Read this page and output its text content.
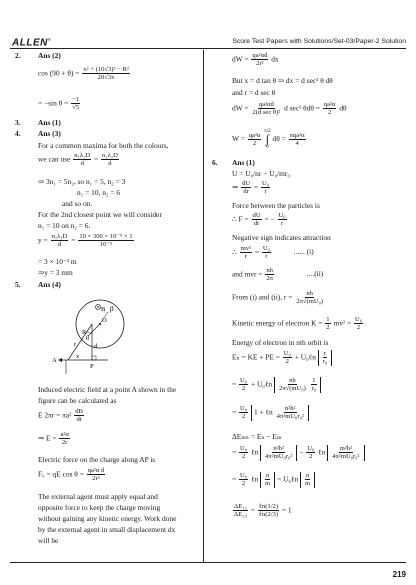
ALLEN®	Score Test Papers with Solutions/Set-03/Paper-2 Solution
2. Ans (2)
$\cos (90 + \theta) = \frac{\text{x² + (10√3)² − R²}}{20√3x}$
= −sin $\theta = \frac{-1}{√5}$
3. Ans (1)
4. Ans (3)
For a common maxima for both the colours,
we can use $\frac{\text{n₁λ₁D}}{d} = \frac{\text{n₂λ₂D}}{d}$
⇒ 3n₁ = 5n₂, so n₁ = 5, n₂ = 3
n₁ = 10, n₂ = 6
and so on.
For the 2nd closest point we will consider
n₁ = 10 on n₂ = 6.
$y = \frac{\text{n₁λ₁D}}{d} = \frac{\text{10 × 300 × 10⁻⁹ × 1}}{\text{10⁻³}}$
= 3 × 10⁻³ m
⇒y = 3 mm
5. Ans (4)
B β
O
R
θ
d
r
A
x
P
Induced electric field at a point A shown in the
figure can be calculated as
E $2\pi r = \pi a^2 \frac{dB}{dt}$
⇒ $E = \frac{\text{a²α}}{2r}$
Electric force on the charge along AP is
F꜀ = qE $\cos \theta = \frac{\text{qa²α d}}{\text{2r²}}$
The external agent must apply equal and
opposite force to keep the charge moving
without gaining any kinetic energy. Work done
by the external agent in small displacement dx
will be
dW = $\frac{\text{qa²αd}}{\text{2r²}}$ dx
But x = d tan θ ⇒ dx = d sec² θ dθ
and r = d sec θ
dW = $\frac{\text{qa²αd}}{\text{2(d sec θ)²}}$ d sec² $\theta d\theta = \frac{\text{qa²α}}{2}$ dθ
$W = \frac{\text{qa²α}}{2}$

π/2
∫
0
$d\theta = \frac{\text{πqa²α}}{4}$
6. Ans (1)
U = U₀/nr − U₀/mr₀
⇒ $\frac{dU}{dr} = \frac{\text{U₀}}{r}$
Force between the particles is
∴ $F = \frac{dU}{dr}$ = − $\frac{\text{U₀}}{r}$
Negative sign indicates attraction
∴ $\frac{\text{mv²}}{r} = \frac{\text{U₀}}{r}$	...... (i)
and mvr = $\frac{nh}{2\pi}$	....(ii)
From (i) and (ii), $r = \frac{nh}{\text{2π√(mU₀)}}$
Kinetic energy of electron $K = \frac{1}{2} mv^2 = \frac{\text{U₀}}{2}$
Energy of electron in nth orbit is
Eₙ = KE + PE = $\frac{\text{U₀}}{2}$ + U₀ℓn $\frac{r}{\text{r₀}}$
= $\frac{\text{U₀}}{2}$ + U₀ℓn $\frac{nh}{\text{2π√(mU₀)}}$
$\frac{1}{\text{r₀}}$
= $\frac{\text{U₀}}{2} 1$ + ℓn $\frac{\text{n²h²}}{\text{4π²mU₀r₀²}}$
ΔEₘₙ = Eₙ − Eₘ
= $\frac{\text{U₀}}{2}$ ℓn $\frac{\text{n²h²}}{\text{4π²mU₀r₀²}} - \frac{\text{U₀}}{2}$ ℓn $\frac{\text{m²h²}}{\text{4π²mU₀r₀²}}$
= $\frac{\text{U₀}}{2}$ ℓn $\frac{n}{m}$ = U₀ℓn $\frac{n}{m}$
$\frac{\text{ΔE₁₂}}{\text{ΔE₂₃}} = \frac{\text{ℓn(1/2)}}{\text{ℓn(2/3)}} = 1$
219
